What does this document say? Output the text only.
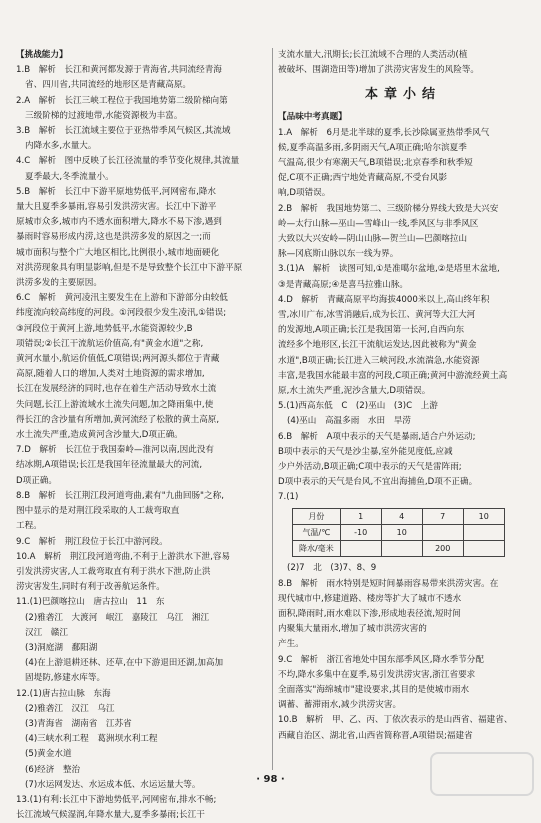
【挑战能力】
1.B　解析　长江和黄河都发源于青海省,共同流经青海
省、四川省,共同流经的地形区是青藏高原。
2.A　解析　长江三峡工程位于我国地势第二级阶梯向第
三级阶梯的过渡地带,水能资源极为丰富。
3.B　解析　长江流域主要位于亚热带季风气候区,其流域
内降水多,水量大。
4.C　解析　图中反映了长江径流量的季节变化规律,其流量
夏季最大,冬季流量小。
5.B　解析　长江中下游平原地势低平,河网密布,降水
量大且夏季多暴雨,容易引发洪涝灾害。长江中下游平
原城市众多,城市内不透水面积增大,降水不易下渗,遇到
暴雨时容易形成内涝,这也是洪涝多发的原因之一;而
城市面积与整个广大地区相比,比例很小,城市地面硬化
对洪涝现象具有明显影响,但是不是导致整个长江中下游平原
洪涝多发的主要原因。
6.C　解析　黄河凌汛主要发生在上游和下游部分由较低
纬度流向较高纬度的河段。①河段很少发生凌汛,①错误;
③河段位于黄河上游,地势低平,水能资源较少,B
项错误;②长江干流航运价值高,有"黄金水道"之称,
黄河水量小,航运价值低,C项错误;两河源头都位于青藏
高原,随着人口的增加,人类对土地资源的需求增加,
长江在发展经济的同时,也存在着生产活动导致水土流
失问题,长江上游流域水土流失问题,加之降雨集中,使
得长江的含沙量有所增加,黄河流经了松散的黄土高原,
水土流失严重,造成黄河含沙量大,D项正确。
7.D　解析　长江位于我国秦岭—淮河以南,因此没有
结冰期,A项错误;长江是我国年径流量最大的河流,
D项正确。
8.B　解析　长江荆江段河道弯曲,素有"九曲回肠"之称,
图中显示的是对荆江段采取的人工裁弯取直
工程。
9.C　解析　荆江段位于长江中游河段。
10.A　解析　荆江段河道弯曲,不利于上游洪水下泄,容易
引发洪涝灾害,人工裁弯取直有利于洪水下泄,防止洪
涝灾害发生,同时有利于改善航运条件。
11.(1)巴颜喀拉山　唐古拉山　11　东
(2)雅砻江　大渡河　岷江　嘉陵江　乌江　湘江
汉江　赣江
(3)洞庭湖　鄱阳湖
(4)在上游退耕还林、还草,在中下游退田还湖,加高加
固堤防,修建水库等。
12.(1)唐古拉山脉　东海
(2)雅砻江　汉江　乌江
(3)青海省　湖南省　江苏省
(4)三峡水利工程　葛洲坝水利工程
(5)黄金水道
(6)经济　整治
(7)水运网发达、水运成本低、水运运量大等。
13.(1)有利:长江中下游地势低平,河网密布,排水不畅;
长江流域气候湿润,年降水量大,夏季多暴雨;长江干
支流水量大,汛期长;长江流域不合理的人类活动(植
被破坏、围湖造田等)增加了洪涝灾害发生的风险等。
本章小结
【品味中考真题】
1.A　解析　6月是北半球的夏季,长沙除属亚热带季风气
候,夏季高温多雨,多阴雨天气,A项正确;哈尔滨夏季
气温高,很少有寒潮天气,B项错误;北京春季和秋季短
促,C项不正确;西宁地处青藏高原,不受台风影
响,D项错误。
2.B　解析　我国地势第二、三级阶梯分界线大致是大兴安
岭—太行山脉—巫山—雪峰山一线,季风区与非季风区
大致以大兴安岭—阴山山脉—贺兰山—巴颜喀拉山
脉—冈底斯山脉以东一线为界。
3.(1)A　解析　读图可知,①是准噶尔盆地,②是塔里木盆地,
③是青藏高原;④是喜马拉雅山脉。
4.D　解析　青藏高原平均海拔4000米以上,高山终年积
雪,冰川广布,冰雪消融后,成为长江、黄河等大江大河
的发源地,A项正确;长江是我国第一长河,自西向东
流经多个地形区,长江干流航运发达,因此被称为"黄金
水道",B项正确;长江进入三峡河段,水流湍急,水能资源
丰富,是我国水能最丰富的河段,C项正确;黄河中游流经黄土高
原,水土流失严重,泥沙含量大,D项错误。
5.(1)西高东低　C　(2)巫山　(3)C　上游
(4)巫山　高温多雨　水田　旱涝
6.B　解析　A项中表示的天气是暴雨,适合户外运动;
B项中表示的天气是沙尘暴,室外能见度低,应减
少户外活动,B项正确;C项中表示的天气是雷阵雨;
D项中表示的天气是台风,不宜出海捕鱼,D项不正确。
7.(1)
月份	1	4	7	10
气温/℃	-10	10		
降水/毫米			200	
(2)7　北　(3)7、8、9
8.B　解析　雨水特别是短时间暴雨容易带来洪涝灾害。在
现代城市中,修建道路、楼房等扩大了城市不透水
面积,降雨时,雨水难以下渗,形成地表径流,短时间
内聚集大量雨水,增加了城市洪涝灾害的
产生。
9.C　解析　浙江省地处中国东部季风区,降水季节分配
不均,降水多集中在夏季,易引发洪涝灾害,浙江省要求
全面落实"海绵城市"建设要求,其目的是使城市雨水
调蓄、蓄滞雨水,减少洪涝灾害。
10.B　解析　甲、乙、丙、丁依次表示的是山西省、福建省、
西藏自治区、湖北省,山西省简称晋,A项错误;福建省
· 98 ·
